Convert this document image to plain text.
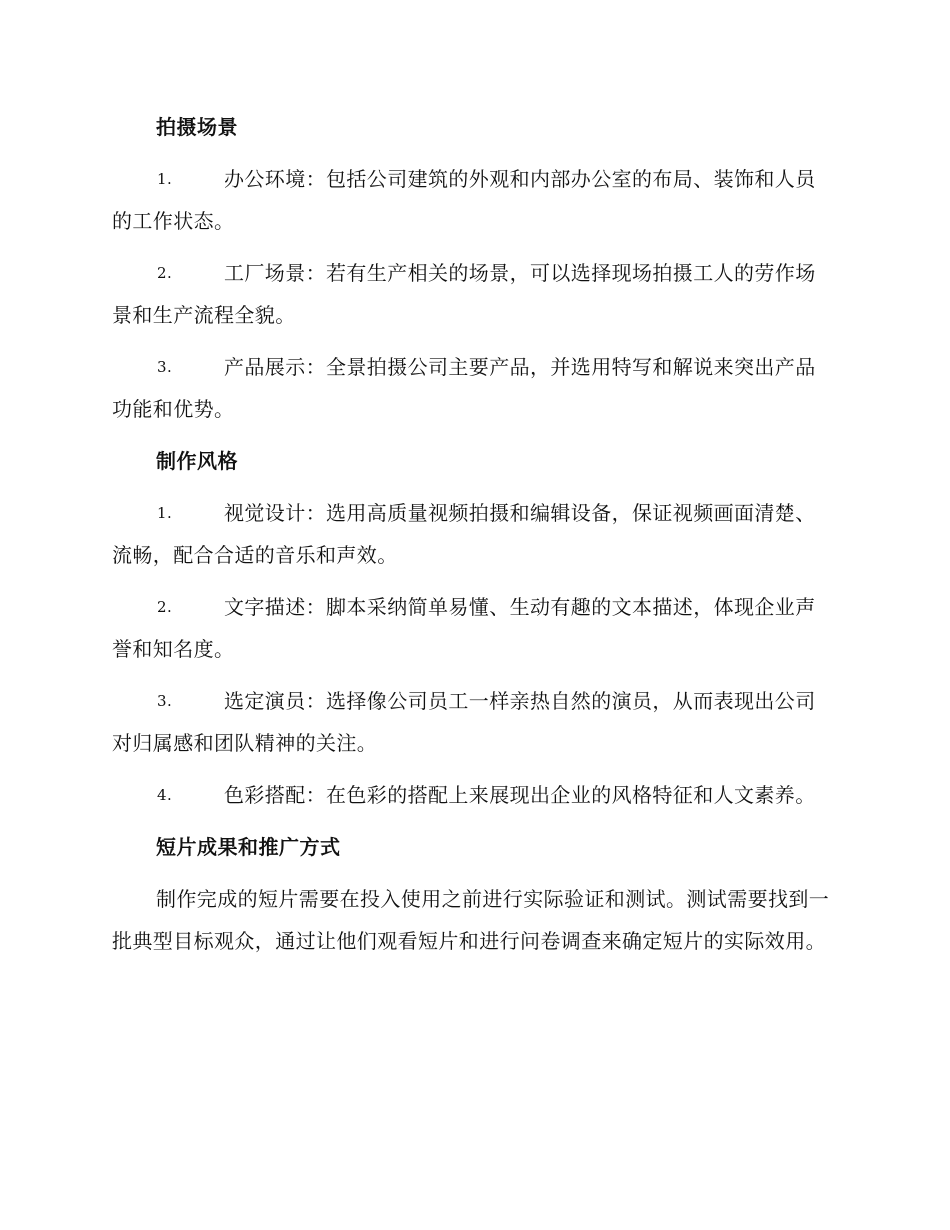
拍摄场景
1.	办公环境：包括公司建筑的外观和内部办公室的布局、装饰和人员的工作状态。
2.	工厂场景：若有生产相关的场景，可以选择现场拍摄工人的劳作场景和生产流程全貌。
3.	产品展示：全景拍摄公司主要产品，并选用特写和解说来突出产品功能和优势。
制作风格
1.	视觉设计：选用高质量视频拍摄和编辑设备，保证视频画面清楚、流畅，配合合适的音乐和声效。
2.	文字描述：脚本采纳简单易懂、生动有趣的文本描述，体现企业声誉和知名度。
3.	选定演员：选择像公司员工一样亲热自然的演员，从而表现出公司对归属感和团队精神的关注。
4.	色彩搭配：在色彩的搭配上来展现出企业的风格特征和人文素养。
短片成果和推广方式

制作完成的短片需要在投入使用之前进行实际验证和测试。测试需要找到一批典型目标观众，通过让他们观看短片和进行问卷调查来确定短片的实际效用。
